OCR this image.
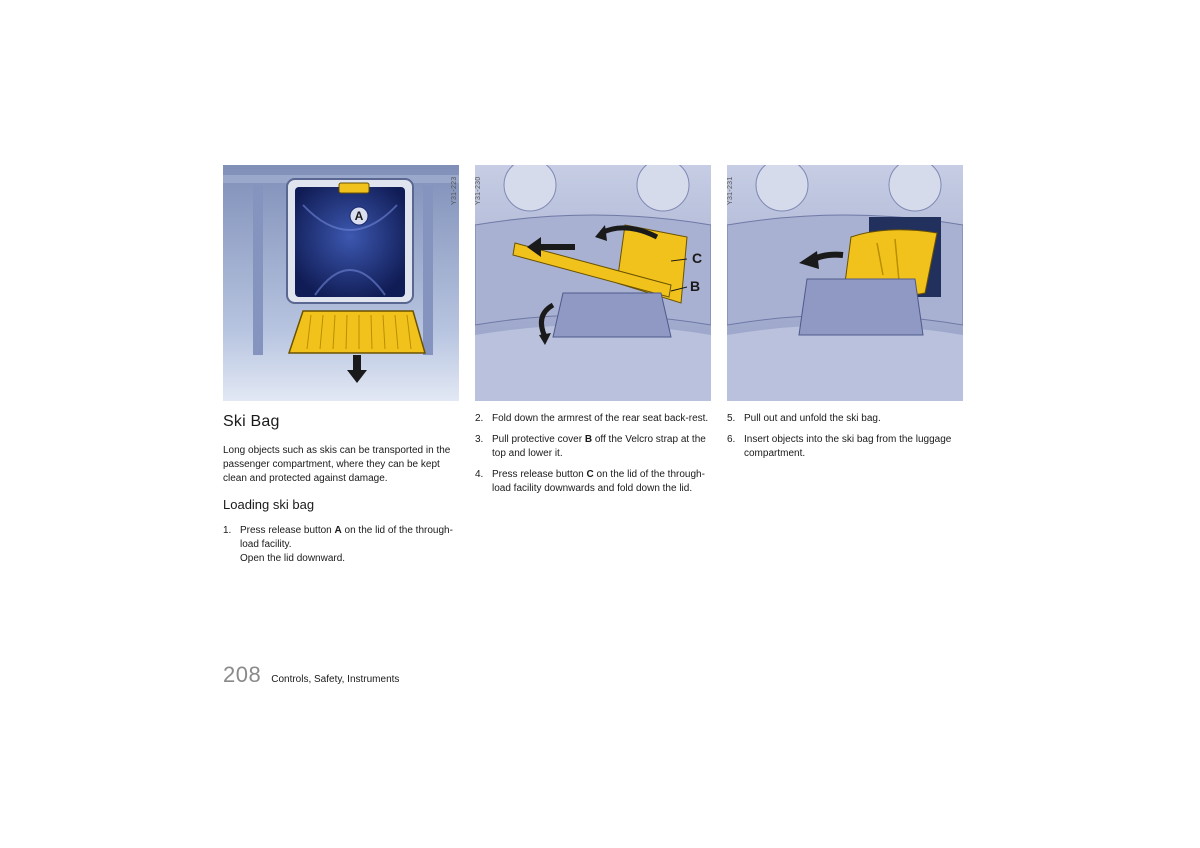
A
Y31-223
C
B
Y31-230	Y31-231
Ski Bag

Long objects such as skis can be transported in the passenger compartment, where they can be kept clean and protected against damage.

Loading ski bag
1. Press release button A on the lid of the through-load facility.
Open the lid downward.
2. Fold down the armrest of the rear seat back-rest.
3. Pull protective cover B off the Velcro strap at the top and lower it.
4. Press release button C on the lid of the through-load facility downwards and fold down the lid.
5. Pull out and unfold the ski bag.
6. Insert objects into the ski bag from the luggage compartment.
208 Controls, Safety, Instruments
